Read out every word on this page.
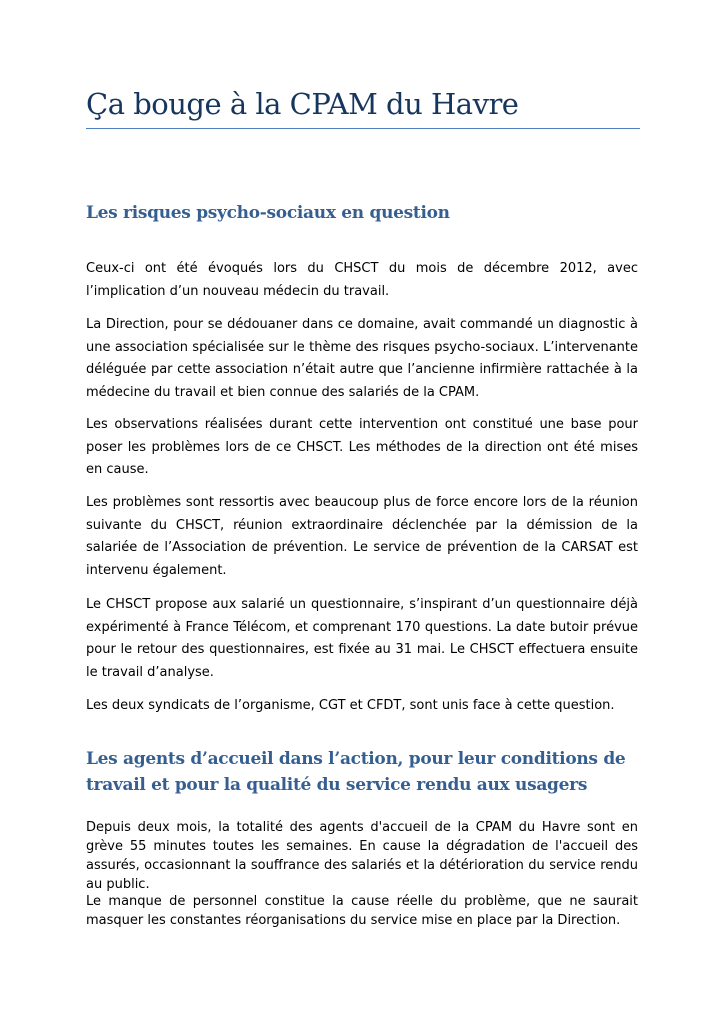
Ça bouge à la CPAM du Havre
Les risques psycho-sociaux en question

Ceux-ci ont été évoqués lors du CHSCT du mois de décembre 2012, avec l’implication d’un nouveau médecin du travail.

La Direction, pour se dédouaner dans ce domaine, avait commandé un diagnostic à une association spécialisée sur le thème des risques psycho-sociaux. L’intervenante déléguée par cette association n’était autre que l’ancienne infirmière rattachée à la médecine du travail et bien connue des salariés de la CPAM.

Les observations réalisées durant cette intervention ont constitué une base pour poser les problèmes lors de ce CHSCT. Les méthodes de la direction ont été mises en cause.

Les problèmes sont ressortis avec beaucoup plus de force encore lors de la réunion suivante du CHSCT, réunion extraordinaire déclenchée par la démission de la salariée de l’Association de prévention. Le service de prévention de la CARSAT est intervenu également.

Le CHSCT propose aux salarié un questionnaire, s’inspirant d’un questionnaire déjà expérimenté à France Télécom, et comprenant 170 questions. La date butoir prévue pour le retour des questionnaires, est fixée au 31 mai. Le CHSCT effectuera ensuite le travail d’analyse.

Les deux syndicats de l’organisme, CGT et CFDT, sont unis face à cette question.

Les agents d’accueil dans l’action, pour leur conditions de travail et pour la qualité du service rendu aux usagers

Depuis deux mois, la totalité des agents d'accueil de la CPAM du Havre sont en grève 55 minutes toutes les semaines. En cause la dégradation de l'accueil des assurés, occasionnant la souffrance des salariés et la détérioration du service rendu au public.

Le manque de personnel constitue la cause réelle du problème, que ne saurait masquer les constantes réorganisations du service mise en place par la Direction.
